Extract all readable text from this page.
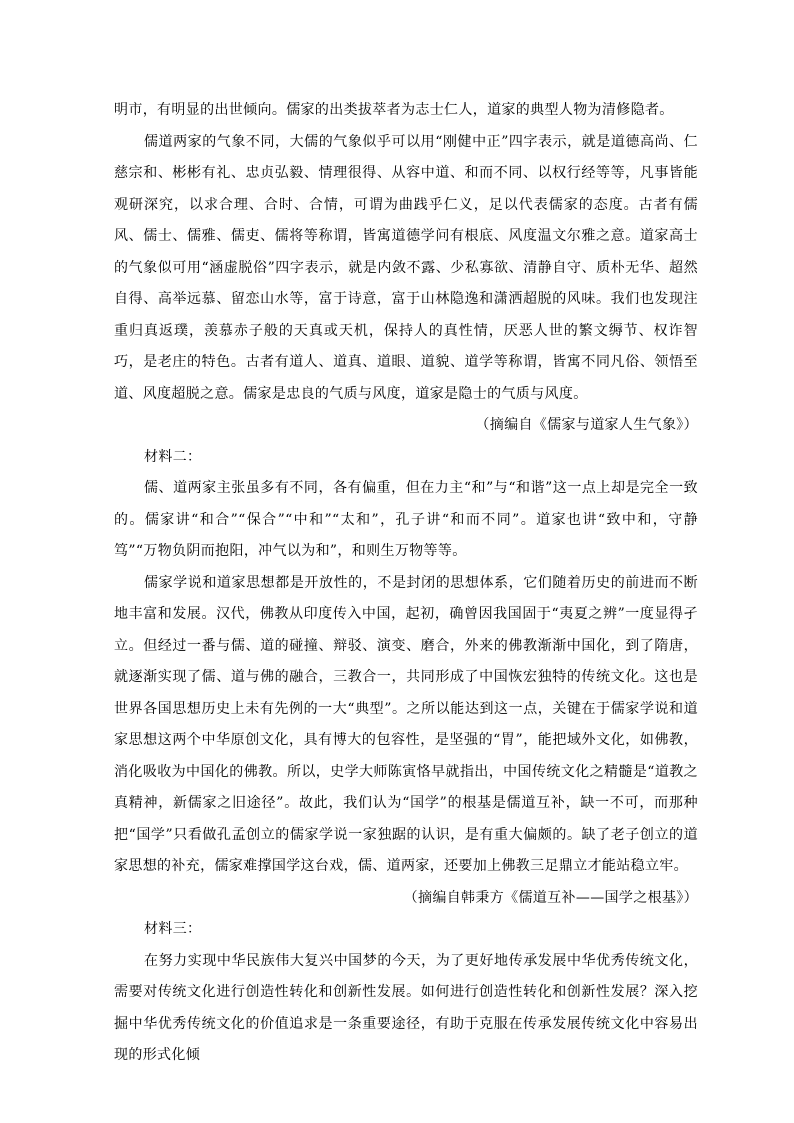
明市，有明显的出世倾向。儒家的出类拔萃者为志士仁人，道家的典型人物为清修隐者。

儒道两家的气象不同，大儒的气象似乎可以用“刚健中正”四字表示，就是道德高尚、仁慈宗和、彬彬有礼、忠贞弘毅、情理很得、从容中道、和而不同、以权行经等等，凡事皆能观研深究，以求合理、合时、合情，可谓为曲践乎仁义，足以代表儒家的态度。古者有儒风、儒士、儒雅、儒吏、儒将等称谓，皆寓道德学问有根底、风度温文尔雅之意。道家高士的气象似可用“涵虚脱俗”四字表示，就是内敛不露、少私寡欲、清静自守、质朴无华、超然自得、高举远慕、留恋山水等，富于诗意，富于山林隐逸和潇洒超脱的风味。我们也发现注重归真返璞，羡慕赤子般的天真或天机，保持人的真性情，厌恶人世的繁文缛节、权诈智巧，是老庄的特色。古者有道人、道真、道眼、道貌、道学等称谓，皆寓不同凡俗、领悟至道、风度超脱之意。儒家是忠良的气质与风度，道家是隐士的气质与风度。

（摘编自《儒家与道家人生气象》）

材料二：

儒、道两家主张虽多有不同，各有偏重，但在力主“和”与“和谐”这一点上却是完全一致的。儒家讲“和合”“保合”“中和”“太和”，孔子讲“和而不同”。道家也讲“致中和，守静笃”“万物负阴而抱阳，冲气以为和”，和则生万物等等。

儒家学说和道家思想都是开放性的，不是封闭的思想体系，它们随着历史的前进而不断地丰富和发展。汉代，佛教从印度传入中国，起初，确曾因我国固于“夷夏之辨”一度显得孑立。但经过一番与儒、道的碰撞、辩驳、演变、磨合，外来的佛教渐渐中国化，到了隋唐，就逐渐实现了儒、道与佛的融合，三教合一，共同形成了中国恢宏独特的传统文化。这也是世界各国思想历史上未有先例的一大“典型”。之所以能达到这一点，关键在于儒家学说和道家思想这两个中华原创文化，具有博大的包容性，是坚强的“胃”，能把域外文化，如佛教，消化吸收为中国化的佛教。所以，史学大师陈寅恪早就指出，中国传统文化之精髓是“道教之真精神，新儒家之旧途径”。故此，我们认为“国学”的根基是儒道互补，缺一不可，而那种把“国学”只看做孔孟创立的儒家学说一家独踞的认识，是有重大偏颇的。缺了老子创立的道家思想的补充，儒家难撑国学这台戏，儒、道两家，还要加上佛教三足鼎立才能站稳立牢。

（摘编自韩秉方《儒道互补——国学之根基》）

材料三：

在努力实现中华民族伟大复兴中国梦的今天，为了更好地传承发展中华优秀传统文化，需要对传统文化进行创造性转化和创新性发展。如何进行创造性转化和创新性发展？深入挖掘中华优秀传统文化的价值追求是一条重要途径，有助于克服在传承发展传统文化中容易出现的形式化倾
